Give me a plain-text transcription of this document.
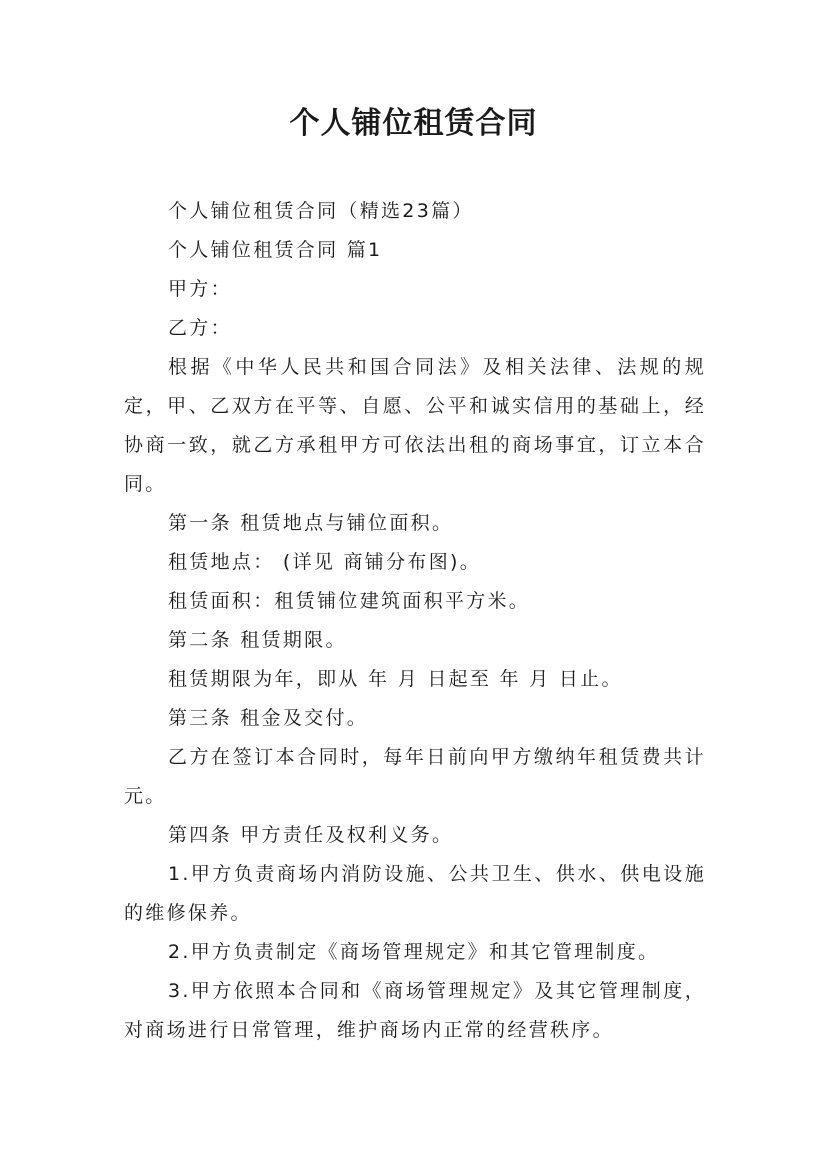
个人铺位租赁合同

个人铺位租赁合同（精选23篇）

个人铺位租赁合同 篇1

甲方：

乙方：

根据《中华人民共和国合同法》及相关法律、法规的规定，甲、乙双方在平等、自愿、公平和诚实信用的基础上，经协商一致，就乙方承租甲方可依法出租的商场事宜，订立本合同。

第一条 租赁地点与铺位面积。

租赁地点： (详见 商铺分布图)。

租赁面积：租赁铺位建筑面积平方米。

第二条 租赁期限。

租赁期限为年，即从 年 月 日起至 年 月 日止。

第三条 租金及交付。

乙方在签订本合同时，每年日前向甲方缴纳年租赁费共计 元。

第四条 甲方责任及权利义务。

1.甲方负责商场内消防设施、公共卫生、供水、供电设施的维修保养。

2.甲方负责制定《商场管理规定》和其它管理制度。

3.甲方依照本合同和《商场管理规定》及其它管理制度，对商场进行日常管理，维护商场内正常的经营秩序。
